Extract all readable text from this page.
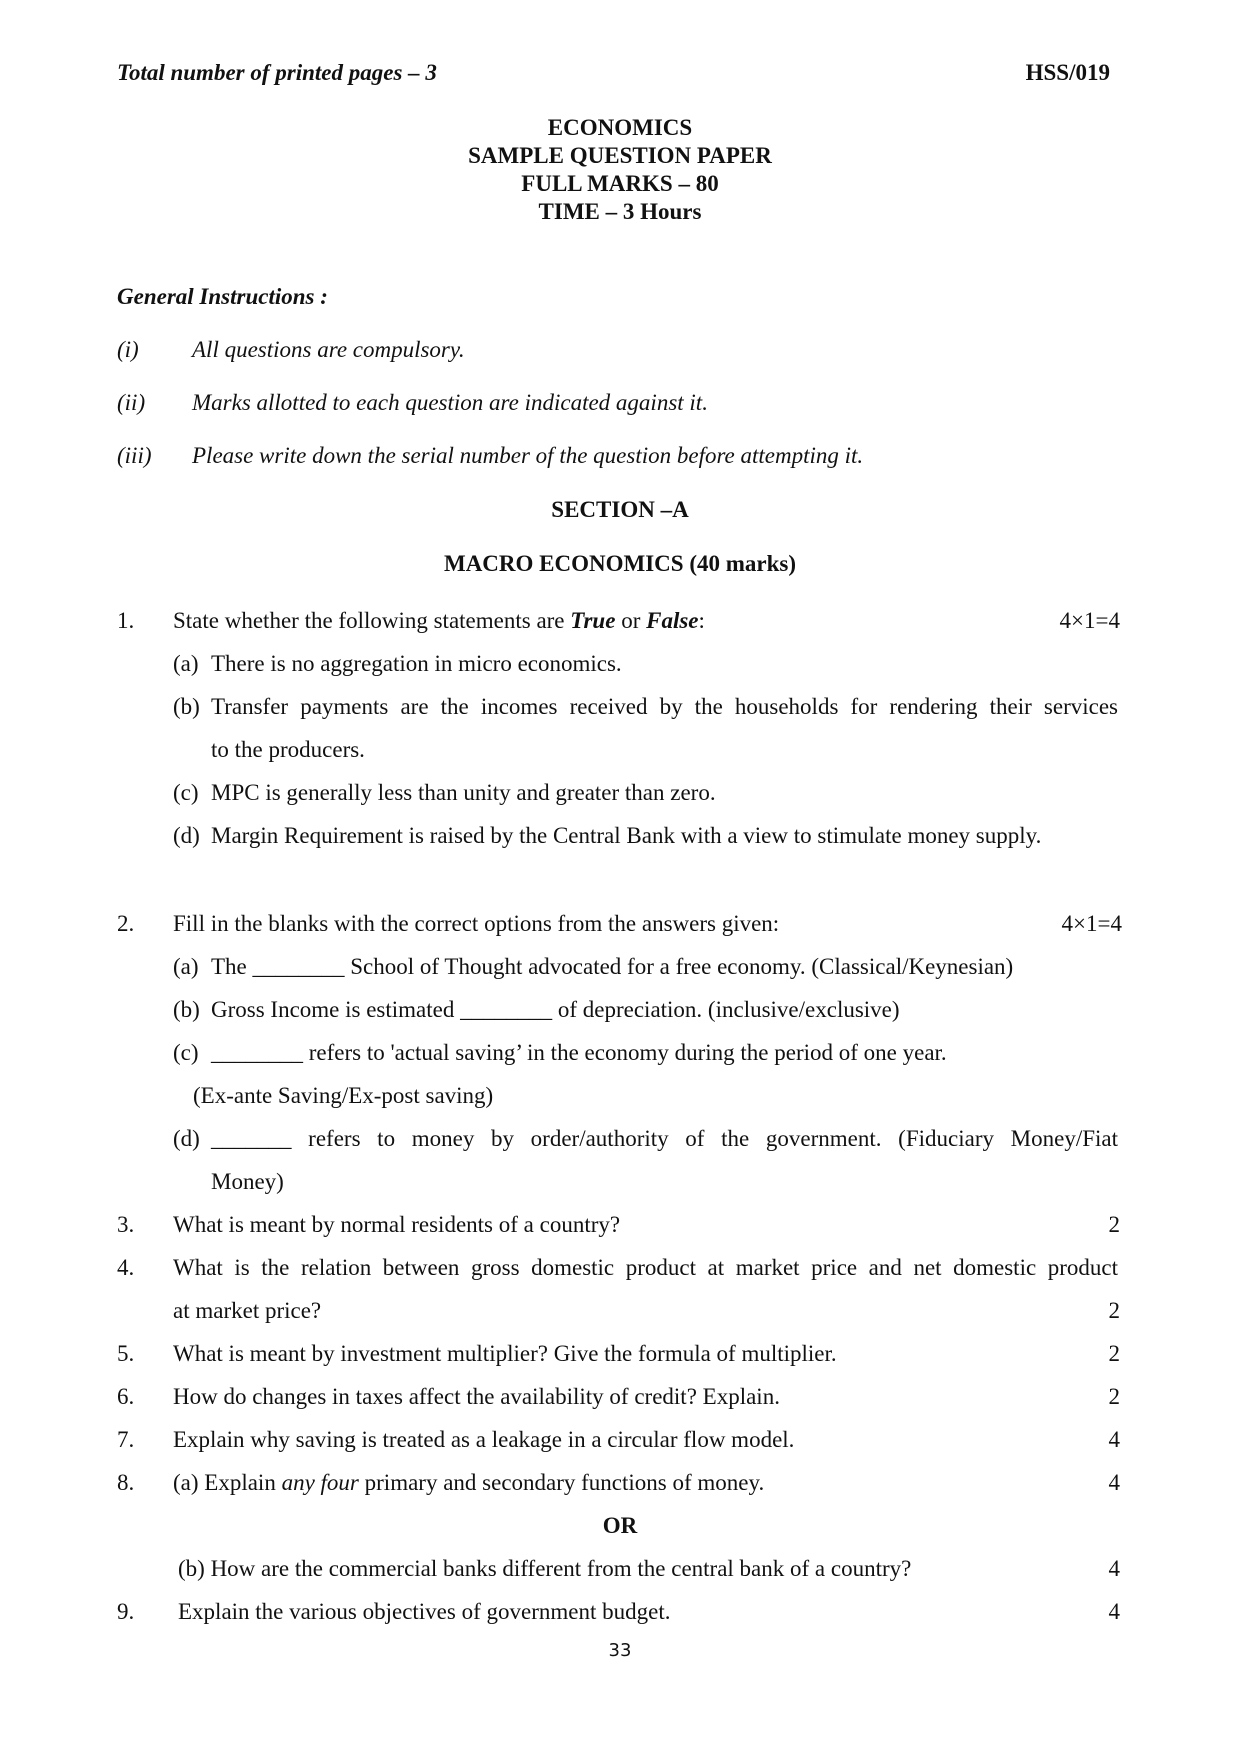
Total number of printed pages – 3	HSS/019
ECONOMICS
SAMPLE QUESTION PAPER
FULL MARKS – 80
TIME – 3 Hours
General Instructions :
(i) All questions are compulsory.
(ii) Marks allotted to each question are indicated against it.
(iii) Please write down the serial number of the question before attempting it.
SECTION –A
MACRO ECONOMICS (40 marks)
1. State whether the following statements are True or False:	4×1=4
(a) There is no aggregation in micro economics.
(b) Transfer payments are the incomes received by the households for rendering their services
to the producers.
(c) MPC is generally less than unity and greater than zero.
(d) Margin Requirement is raised by the Central Bank with a view to stimulate money supply.
2. Fill in the blanks with the correct options from the answers given:	4×1=4
(a) The ________ School of Thought advocated for a free economy. (Classical/Keynesian)
(b) Gross Income is estimated ________ of depreciation. (inclusive/exclusive)
(c) ________ refers to 'actual saving’ in the economy during the period of one year.
(Ex-ante Saving/Ex-post saving)
(d) _______ refers to money by order/authority of the government. (Fiduciary Money/Fiat
Money)
3. What is meant by normal residents of a country?	2
4. What is the relation between gross domestic product at market price and net domestic product
at market price?	2
5. What is meant by investment multiplier? Give the formula of multiplier.	2
6. How do changes in taxes affect the availability of credit? Explain.	2
7. Explain why saving is treated as a leakage in a circular flow model.	4
8. (a) Explain any four primary and secondary functions of money.	4
OR
(b) How are the commercial banks different from the central bank of a country?	4
9. Explain the various objectives of government budget.	4
33
